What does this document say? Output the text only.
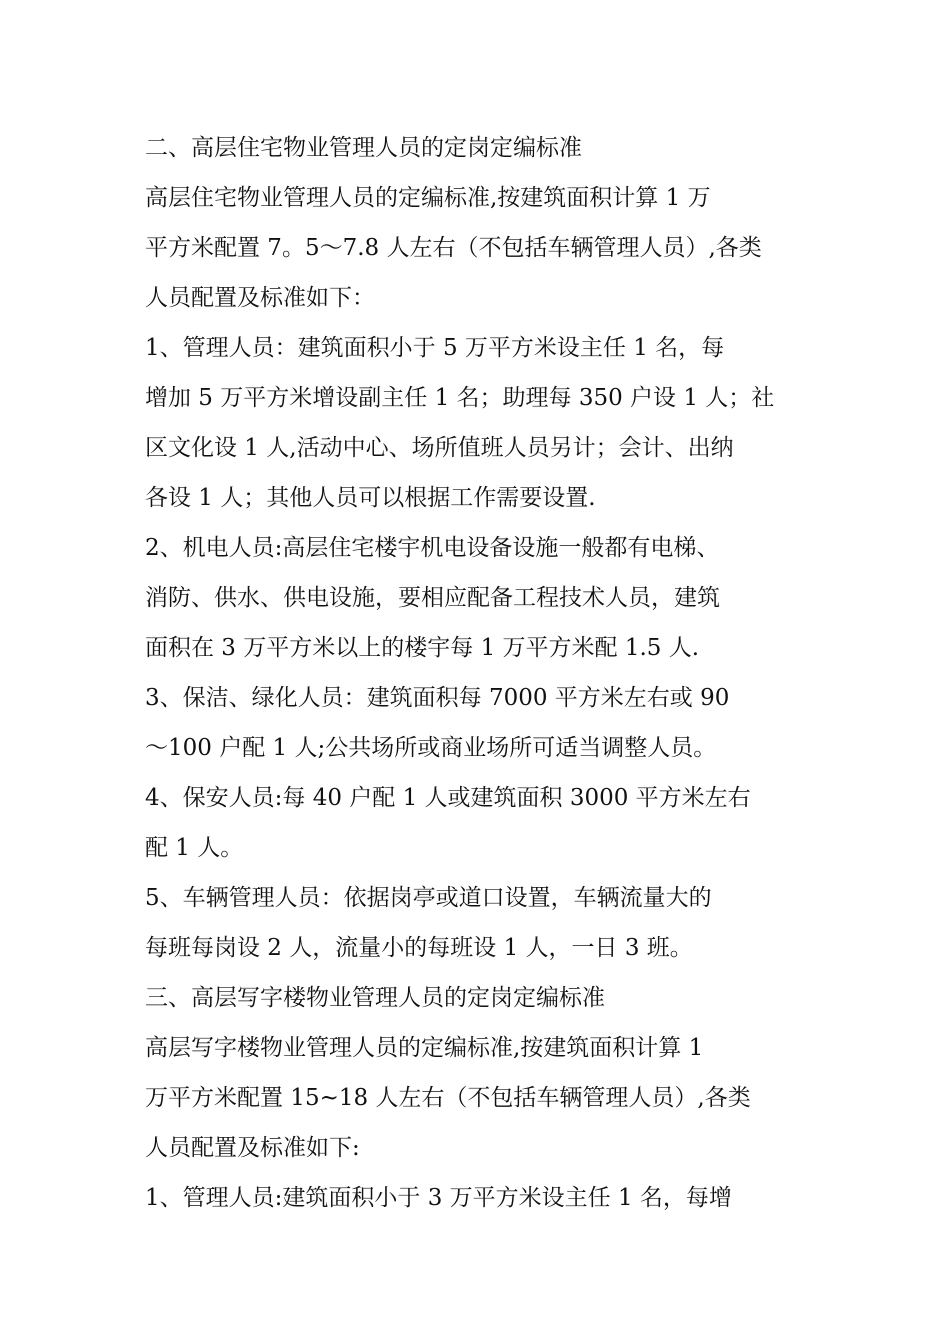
二、高层住宅物业管理人员的定岗定编标准
高层住宅物业管理人员的定编标准,按建筑面积计算 1 万
平方米配置 7。5～7.8 人左右（不包括车辆管理人员）,各类
人员配置及标准如下：
1、管理人员：建筑面积小于 5 万平方米设主任 1 名，每
增加 5 万平方米增设副主任 1 名；助理每 350 户设 1 人；社
区文化设 1 人,活动中心、场所值班人员另计；会计、出纳
各设 1 人；其他人员可以根据工作需要设置.
2、机电人员:高层住宅楼宇机电设备设施一般都有电梯、
消防、供水、供电设施，要相应配备工程技术人员，建筑
面积在 3 万平方米以上的楼宇每 1 万平方米配 1.5 人.
3、保洁、绿化人员：建筑面积每 7000 平方米左右或 90
～100 户配 1 人;公共场所或商业场所可适当调整人员。
4、保安人员:每 40 户配 1 人或建筑面积 3000 平方米左右
配 1 人。
5、车辆管理人员：依据岗亭或道口设置，车辆流量大的
每班每岗设 2 人，流量小的每班设 1 人，一日 3 班。
三、高层写字楼物业管理人员的定岗定编标准
高层写字楼物业管理人员的定编标准,按建筑面积计算 1
万平方米配置 15~18 人左右（不包括车辆管理人员）,各类
人员配置及标准如下:
1、管理人员:建筑面积小于 3 万平方米设主任 1 名，每增
